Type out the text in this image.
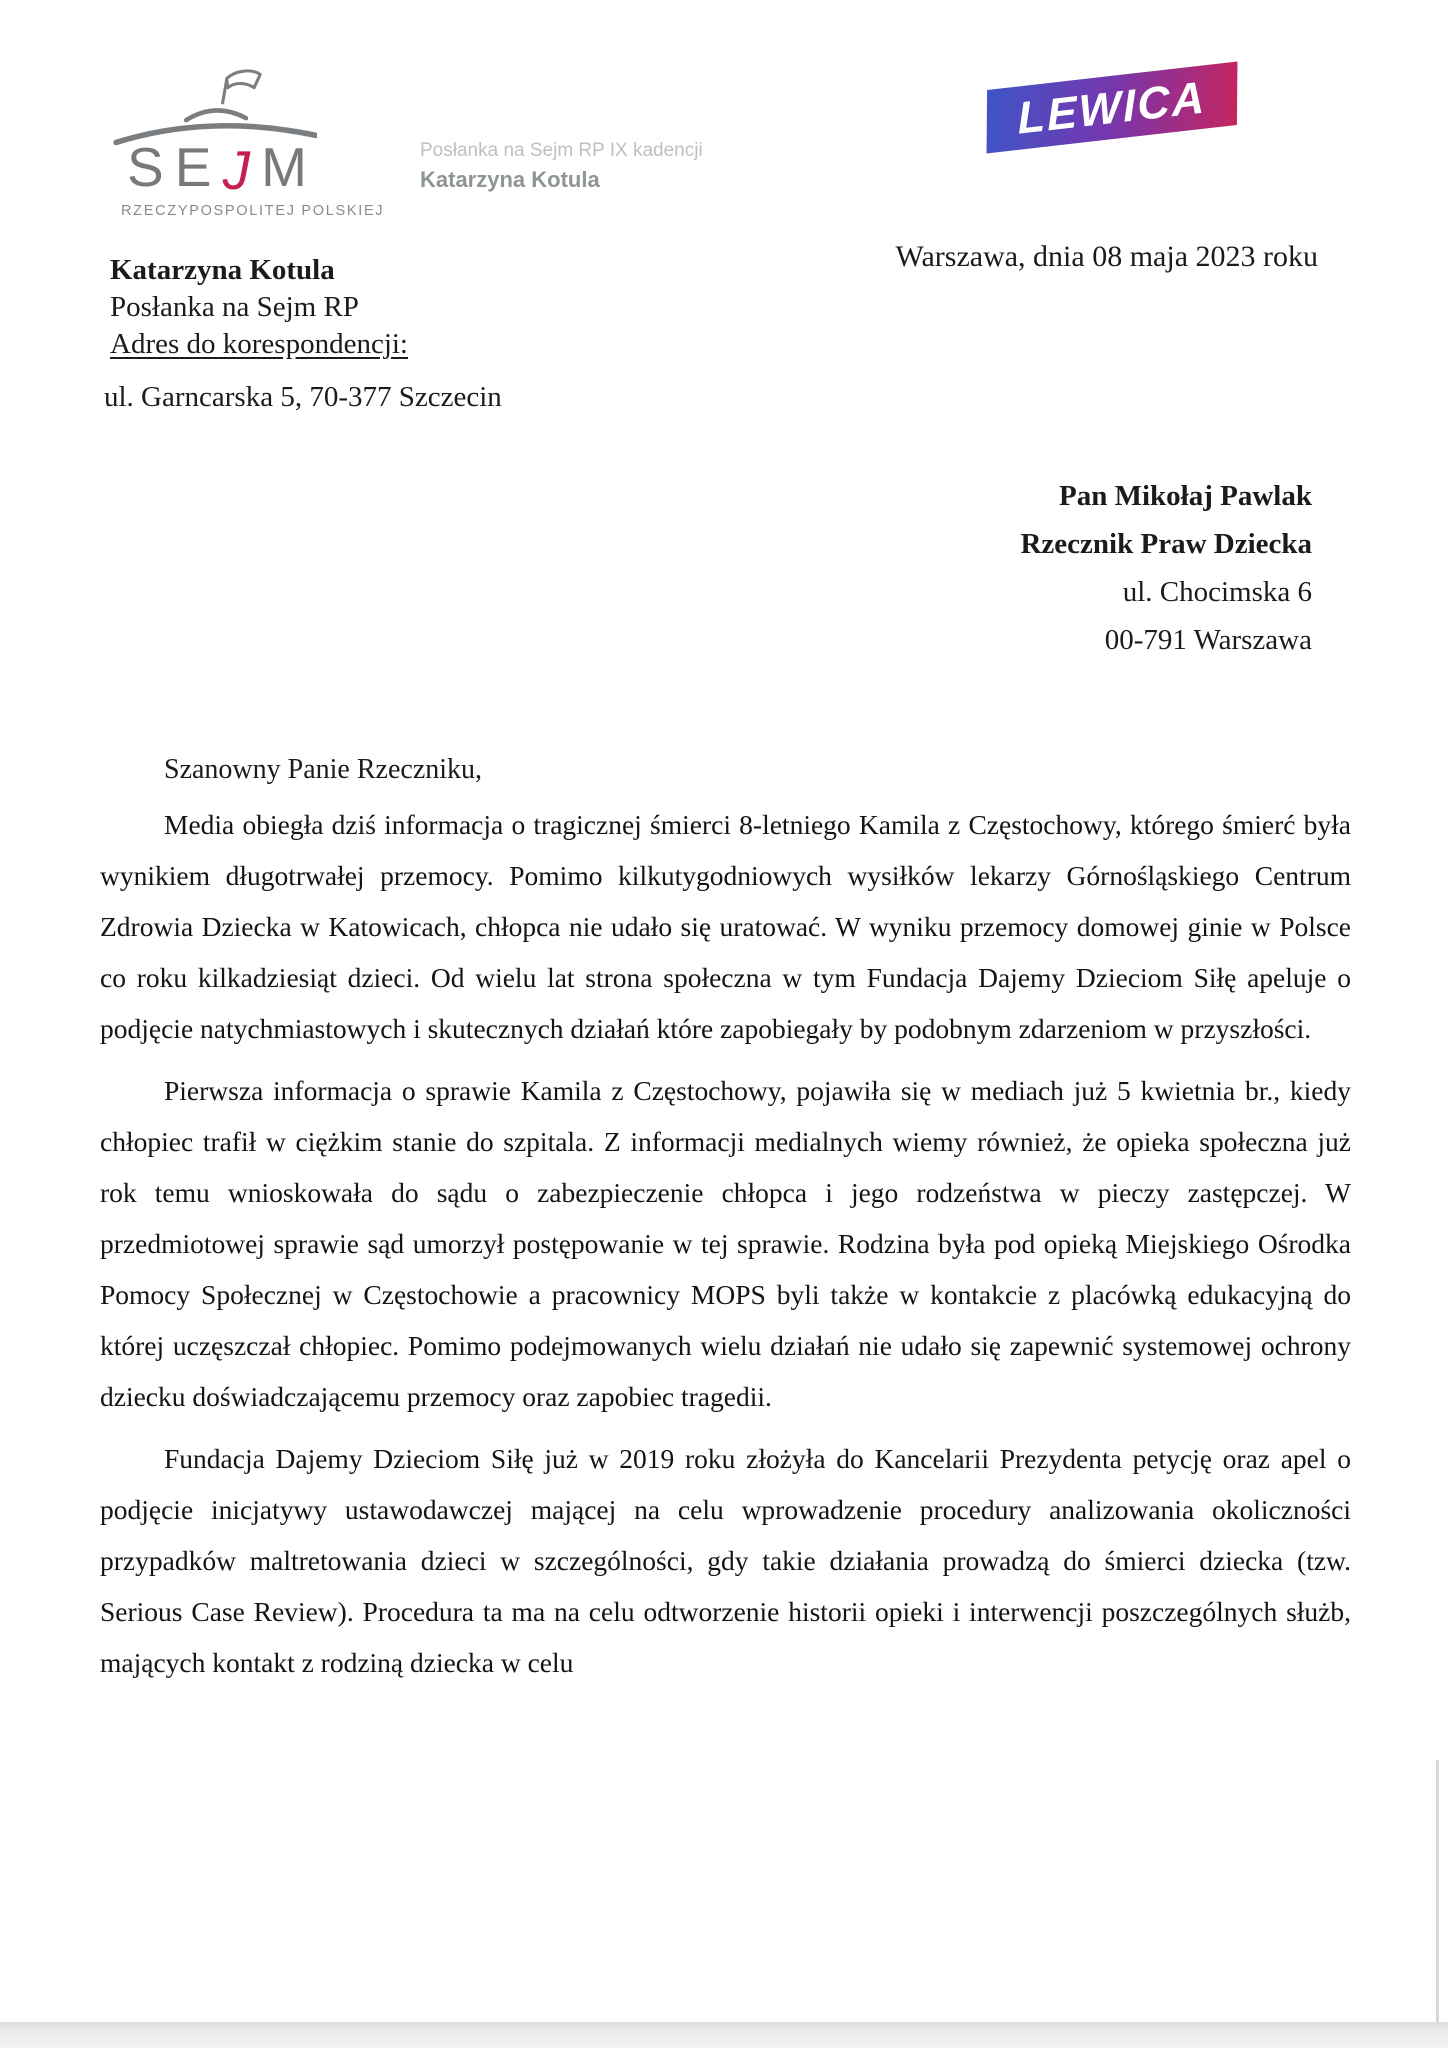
S E J M
RZECZYPOSPOLITEJ POLSKIEJ
Posłanka na Sejm RP IX kadencji
Katarzyna Kotula
LEWICA
Warszawa, dnia 08 maja 2023 roku
Katarzyna Kotula
Posłanka na Sejm RP
Adres do korespondencji:
ul. Garncarska 5, 70-377 Szczecin
Pan Mikołaj Pawlak
Rzecznik Praw Dziecka
ul. Chocimska 6
00-791 Warszawa
Szanowny Panie Rzeczniku,

Media obiegła dziś informacja o tragicznej śmierci 8-letniego Kamila z Częstochowy, którego śmierć była wynikiem długotrwałej przemocy. Pomimo kilkutygodniowych wysiłków lekarzy Górnośląskiego Centrum Zdrowia Dziecka w Katowicach, chłopca nie udało się uratować. W wyniku przemocy domowej ginie w Polsce co roku kilkadziesiąt dzieci. Od wielu lat strona społeczna w tym Fundacja Dajemy Dzieciom Siłę apeluje o podjęcie natychmiastowych i skutecznych działań które zapobiegały by podobnym zdarzeniom w przyszłości.

Pierwsza informacja o sprawie Kamila z Częstochowy, pojawiła się w mediach już 5 kwietnia br., kiedy chłopiec trafił w ciężkim stanie do szpitala. Z informacji medialnych wiemy również, że opieka społeczna już rok temu wnioskowała do sądu o zabezpieczenie chłopca i jego rodzeństwa w pieczy zastępczej. W przedmiotowej sprawie sąd umorzył postępowanie w tej sprawie. Rodzina była pod opieką Miejskiego Ośrodka Pomocy Społecznej w Częstochowie a pracownicy MOPS byli także w kontakcie z placówką edukacyjną do której uczęszczał chłopiec. Pomimo podejmowanych wielu działań nie udało się zapewnić systemowej ochrony dziecku doświadczającemu przemocy oraz zapobiec tragedii.

Fundacja Dajemy Dzieciom Siłę już w 2019 roku złożyła do Kancelarii Prezydenta petycję oraz apel o podjęcie inicjatywy ustawodawczej mającej na celu wprowadzenie procedury analizowania okoliczności przypadków maltretowania dzieci w szczególności, gdy takie działania prowadzą do śmierci dziecka (tzw. Serious Case Review). Procedura ta ma na celu odtworzenie historii opieki i interwencji poszczególnych służb, mających kontakt z rodziną dziecka w celu
